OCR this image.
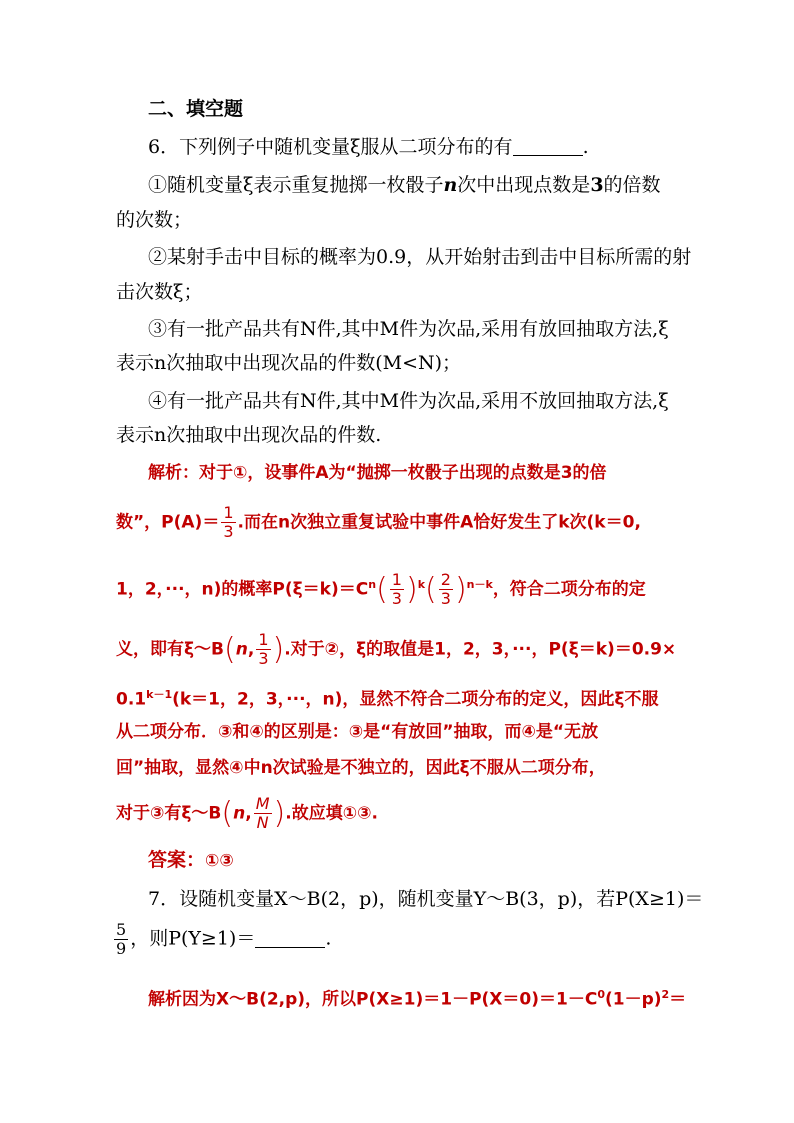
二、填空题
6．下列例子中随机变量ξ服从二项分布的有	.
①随机变量ξ表示重复抛掷一枚骰子n次中出现点数是3的倍数
的次数；
②某射手击中目标的概率为0.9，从开始射击到击中目标所需的射
击次数ξ；
③有一批产品共有N件,其中M件为次品,采用有放回抽取方法,ξ
表示n次抽取中出现次品的件数(M<N)；
④有一批产品共有N件,其中M件为次品,采用不放回抽取方法,ξ
表示n次抽取中出现次品的件数.
解析：对于①，设事件A为“抛掷一枚骰子出现的点数是3的倍
数”，$P(A)= \frac{1}{3}$ .而在n次独立重复试验中事件A恰好发生了k次(k＝0,
1，2，···，n)的概率$P(\xi=k)=C^n( \frac{1}{3} )^k( \frac{2}{3} )^{n-k}$，符合二项分布的定
义，即有ξ～B(n, $\frac{1}{3}$ ).对于②，ξ的取值是1，2，3，···，P(ξ＝k)＝0.9×
$0.1^{k-1}(k=1$，2，3，···，n)，显然不符合二项分布的定义，因此ξ不服
从二项分布．③和④的区别是：③是“有放回”抽取，而④是“无放
回”抽取，显然④中n次试验是不独立的，因此ξ不服从二项分布，
对于③有ξ～B(n, $\frac{M}{N}$ ).故应填①③.
答案：①③
7．设随机变量X～B(2，p)，随机变量Y～B(3，p)，若P(X≥1)＝
$\frac{5}{9}$ ，则P(Y≥1)＝	.
解析因为X～B(2,p)，所以$P(X\ge 1)=1-P(X=0)=1-C^0(1-p)^2=$
